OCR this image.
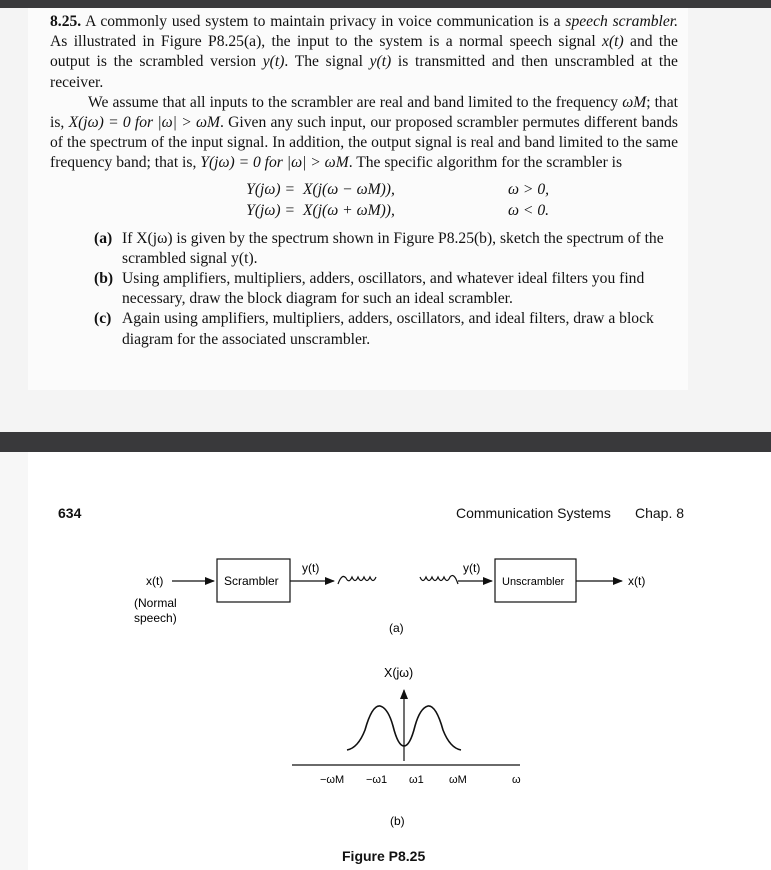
8.25. A commonly used system to maintain privacy in voice communication is a speech scrambler. As illustrated in Figure P8.25(a), the input to the system is a normal speech signal x(t) and the output is the scrambled version y(t). The signal y(t) is transmitted and then unscrambled at the receiver.

We assume that all inputs to the scrambler are real and band limited to the frequency ωM; that is, X(jω) = 0 for |ω| > ωM. Given any such input, our proposed scrambler permutes different bands of the spectrum of the input signal. In addition, the output signal is real and band limited to the same frequency band; that is, Y(jω) = 0 for |ω| > ωM. The specific algorithm for the scrambler is

Y(jω) = X(j(ω − ωM)),	ω > 0,
Y(jω) = X(j(ω + ωM)),	ω < 0.
(a) If X(jω) is given by the spectrum shown in Figure P8.25(b), sketch the spectrum of the scrambled signal y(t).
(b) Using amplifiers, multipliers, adders, oscillators, and whatever ideal filters you find necessary, draw the block diagram for such an ideal scrambler.
(c) Again using amplifiers, multipliers, adders, oscillators, and ideal filters, draw a block diagram for the associated unscrambler.
634	Communication Systems Chap. 8
x(t)
(Normal
speech)
Scrambler
y(t)	y(t)
Unscrambler	x(t)
(a)
X(jω)
−ωM −ω1 ω1 ωM	ω
(b)
Figure P8.25
